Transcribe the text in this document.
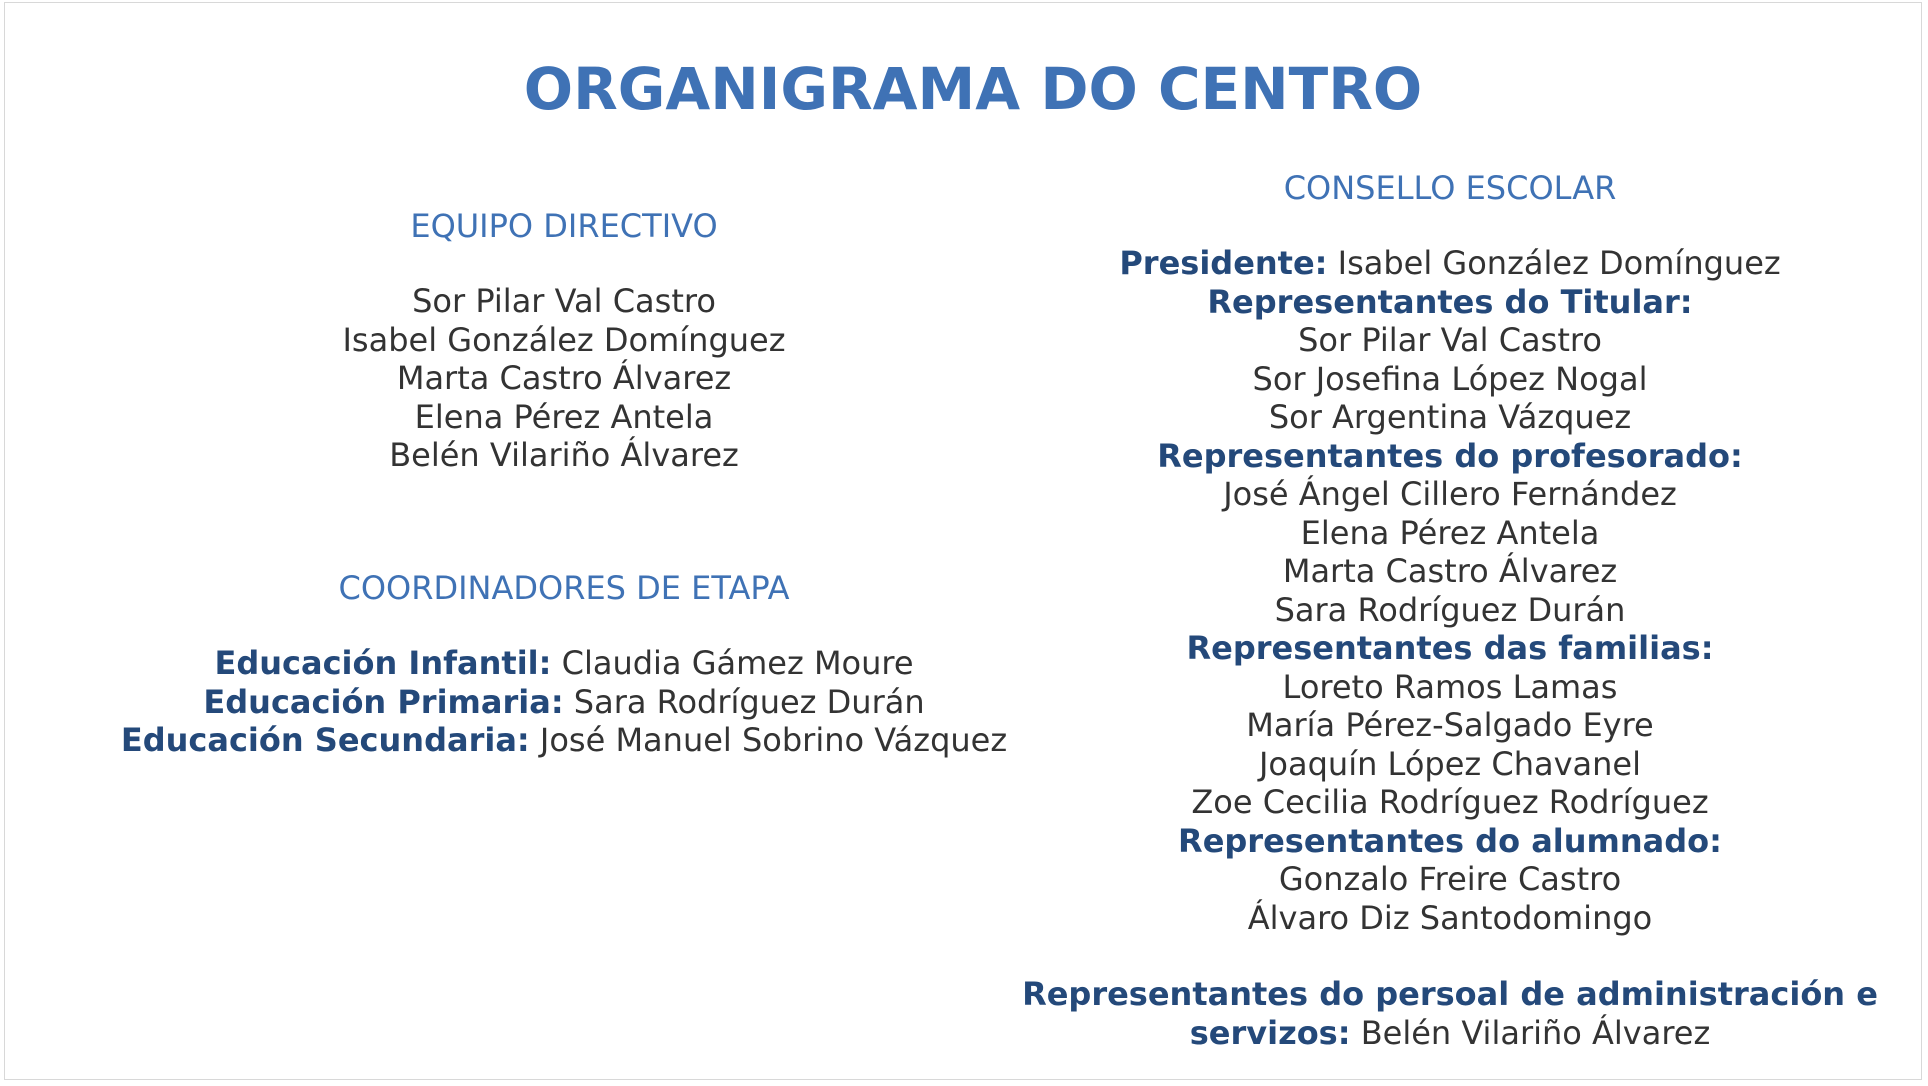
ORGANIGRAMA DO CENTRO
EQUIPO DIRECTIVO
Sor Pilar Val Castro
Isabel González Domínguez
Marta Castro Álvarez
Elena Pérez Antela
Belén Vilariño Álvarez
COORDINADORES DE ETAPA
Educación Infantil: Claudia Gámez Moure
Educación Primaria: Sara Rodríguez Durán
Educación Secundaria: José Manuel Sobrino Vázquez
CONSELLO ESCOLAR
Presidente: Isabel González Domínguez
Representantes do Titular:
Sor Pilar Val Castro
Sor Josefina López Nogal
Sor Argentina Vázquez
Representantes do profesorado:
José Ángel Cillero Fernández
Elena Pérez Antela
Marta Castro Álvarez
Sara Rodríguez Durán
Representantes das familias:
Loreto Ramos Lamas
María Pérez-Salgado Eyre
Joaquín López Chavanel
Zoe Cecilia Rodríguez Rodríguez
Representantes do alumnado:
Gonzalo Freire Castro
Álvaro Diz Santodomingo
Representantes do persoal de administración e
servizos: Belén Vilariño Álvarez
